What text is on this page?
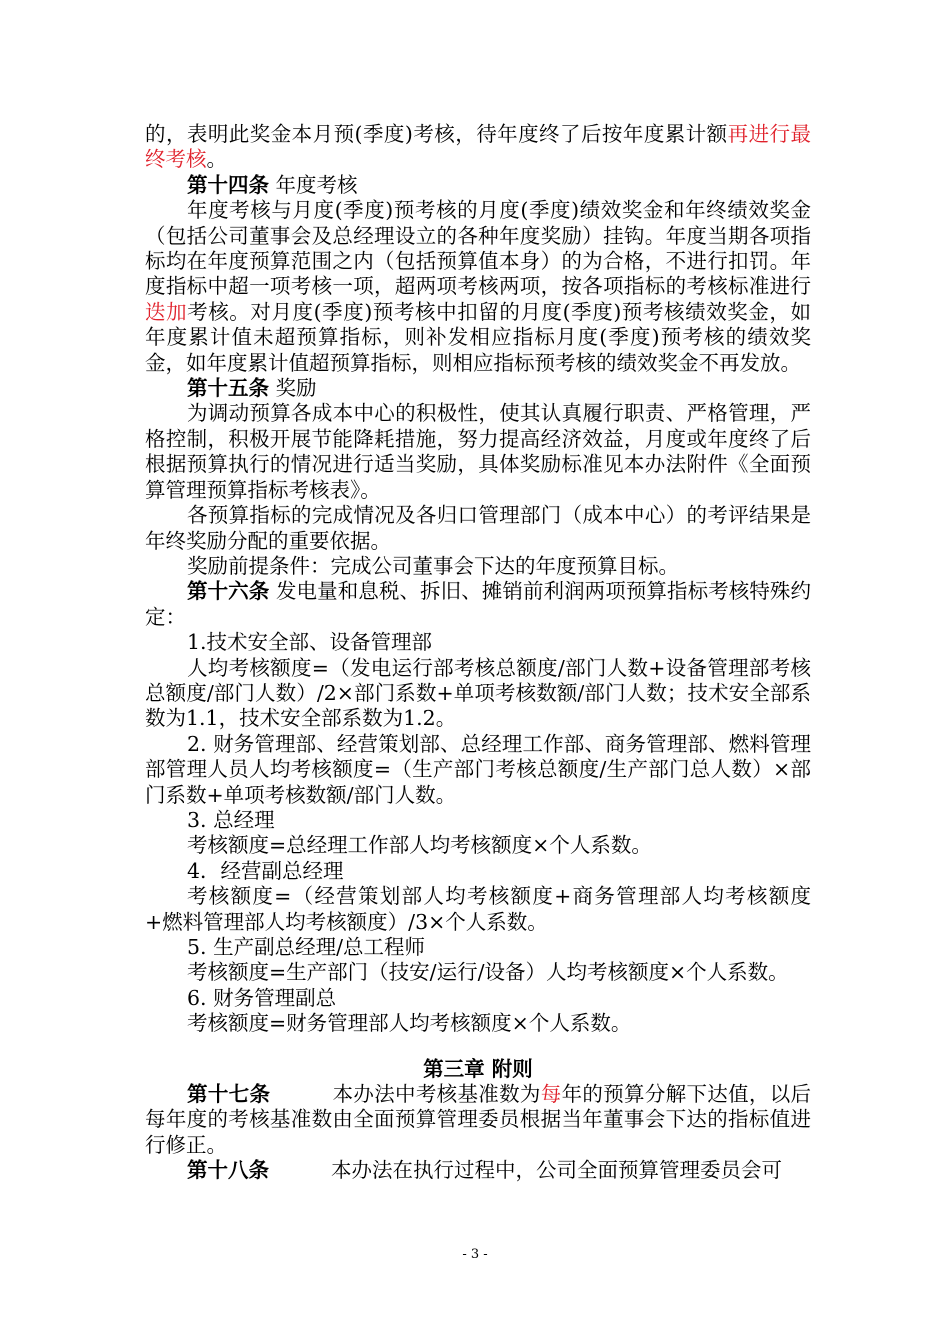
的，表明此奖金本月预(季度)考核，待年度终了后按年度累计额再进行最终考核。

第十四条 年度考核

年度考核与月度(季度)预考核的月度(季度)绩效奖金和年终绩效奖金（包括公司董事会及总经理设立的各种年度奖励）挂钩。年度当期各项指标均在年度预算范围之内（包括预算值本身）的为合格，不进行扣罚。年度指标中超一项考核一项，超两项考核两项，按各项指标的考核标准进行迭加考核。对月度(季度)预考核中扣留的月度(季度)预考核绩效奖金，如年度累计值未超预算指标，则补发相应指标月度(季度)预考核的绩效奖金，如年度累计值超预算指标，则相应指标预考核的绩效奖金不再发放。

第十五条 奖励

为调动预算各成本中心的积极性，使其认真履行职责、严格管理，严格控制，积极开展节能降耗措施，努力提高经济效益，月度或年度终了后根据预算执行的情况进行适当奖励，具体奖励标准见本办法附件《全面预算管理预算指标考核表》。

各预算指标的完成情况及各归口管理部门（成本中心）的考评结果是年终奖励分配的重要依据。

奖励前提条件：完成公司董事会下达的年度预算目标。

第十六条 发电量和息税、拆旧、摊销前利润两项预算指标考核特殊约定：

1.技术安全部、设备管理部

人均考核额度=（发电运行部考核总额度/部门人数+设备管理部考核总额度/部门人数）/2×部门系数+单项考核数额/部门人数；技术安全部系数为1.1，技术安全部系数为1.2。

2. 财务管理部、经营策划部、总经理工作部、商务管理部、燃料管理部管理人员人均考核额度=（生产部门考核总额度/生产部门总人数）×部门系数+单项考核数额/部门人数。

3. 总经理

考核额度=总经理工作部人均考核额度×个人系数。

4．经营副总经理

考核额度=（经营策划部人均考核额度+商务管理部人均考核额度+燃料管理部人均考核额度）/3×个人系数。

5. 生产副总经理/总工程师

考核额度=生产部门（技安/运行/设备）人均考核额度×个人系数。

6. 财务管理副总

考核额度=财务管理部人均考核额度×个人系数。

第三章 附则

第十七条	本办法中考核基准数为每年的预算分解下达值，以后每年度的考核基准数由全面预算管理委员根据当年董事会下达的指标值进行修正。

第十八条	本办法在执行过程中，公司全面预算管理委员会可

- 3 -
